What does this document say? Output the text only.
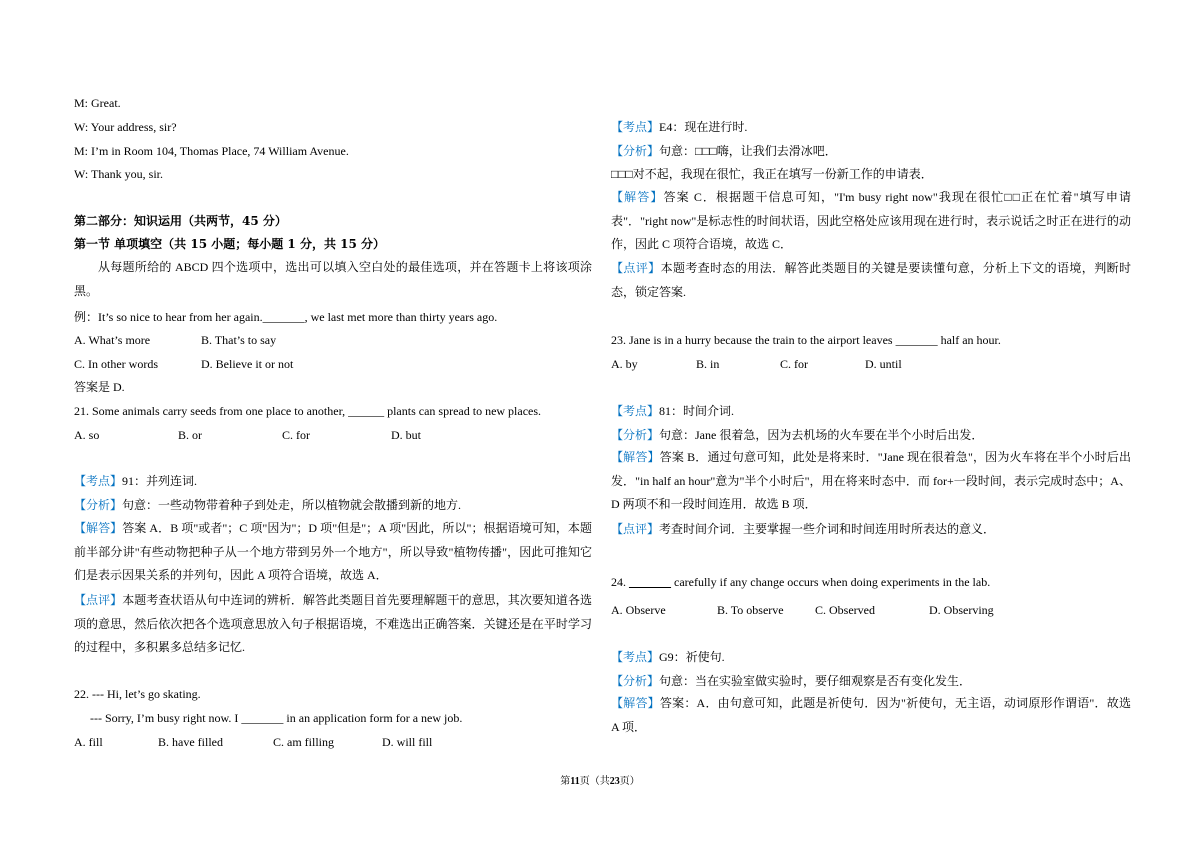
M: Great.
W: Your address, sir?
M: I’m in Room 104, Thomas Place, 74 William Avenue.
W: Thank you, sir.
第二部分：知识运用（共两节，45 分）
第一节 单项填空（共 15 小题；每小题 1 分，共 15 分）
从每题所给的 ABCD 四个选项中，选出可以填入空白处的最佳选项，并在答题卡上将该项涂黑。
例：It’s so nice to hear from her again._______, we last met more than thirty years ago.
A. What’s more	B. That’s to say
C. In other words	D. Believe it or not
答案是 D.
21. Some animals carry seeds from one place to another, ______ plants can spread to new places.
A. so	B. or	C. for	D. but
【考点】91：并列连词.
【分析】句意：一些动物带着种子到处走，所以植物就会散播到新的地方.
【解答】答案 A．B 项"或者"；C 项"因为"；D 项"但是"；A 项"因此，所以"；根据语境可知，本题前半部分讲"有些动物把种子从一个地方带到另外一个地方"，所以导致"植物传播"，因此可推知它们是表示因果关系的并列句，因此 A 项符合语境，故选 A．
【点评】本题考查状语从句中连词的辨析．解答此类题目首先要理解题干的意思，其次要知道各选项的意思，然后依次把各个选项意思放入句子根据语境，不难选出正确答案．关键还是在平时学习的过程中，多积累多总结多记忆.
22. --- Hi, let’s go skating.
--- Sorry, I’m busy right now. I _______ in an application form for a new job.
A. fill	B. have filled	C. am filling	D. will fill
【考点】E4：现在进行时.
【分析】句意：□□□嗨，让我们去滑冰吧．
□□□对不起，我现在很忙，我正在填写一份新工作的申请表．
【解答】答案 C．根据题干信息可知，"I'm busy right now"我现在很忙□□正在忙着"填写申请表"．"right now"是标志性的时间状语，因此空格处应该用现在进行时，表示说话之时正在进行的动作，因此 C 项符合语境，故选 C．
【点评】本题考查时态的用法．解答此类题目的关键是要读懂句意，分析上下文的语境，判断时态，锁定答案.
23. Jane is in a hurry because the train to the airport leaves _______ half an hour.
A. by	B. in	C. for	D. until
【考点】81：时间介词.
【分析】句意：Jane 很着急，因为去机场的火车要在半个小时后出发．
【解答】答案 B．通过句意可知，此处是将来时．"Jane 现在很着急"，因为火车将在半个小时后出发．"in half an hour"意为"半个小时后"，用在将来时态中．而 for+一段时间，表示完成时态中；A、D 两项不和一段时间连用．故选 B 项．
【点评】考查时间介词．主要掌握一些介词和时间连用时所表达的意义．
24. _______ carefully if any change occurs when doing experiments in the lab.
A. Observe	B. To observe	C. Observed	D. Observing
【考点】G9：祈使句.
【分析】句意：当在实验室做实验时，要仔细观察是否有变化发生．
【解答】答案：A．由句意可知，此题是祈使句．因为"祈使句，无主语，动词原形作谓语"．故选 A 项．
第11页（共23页）
